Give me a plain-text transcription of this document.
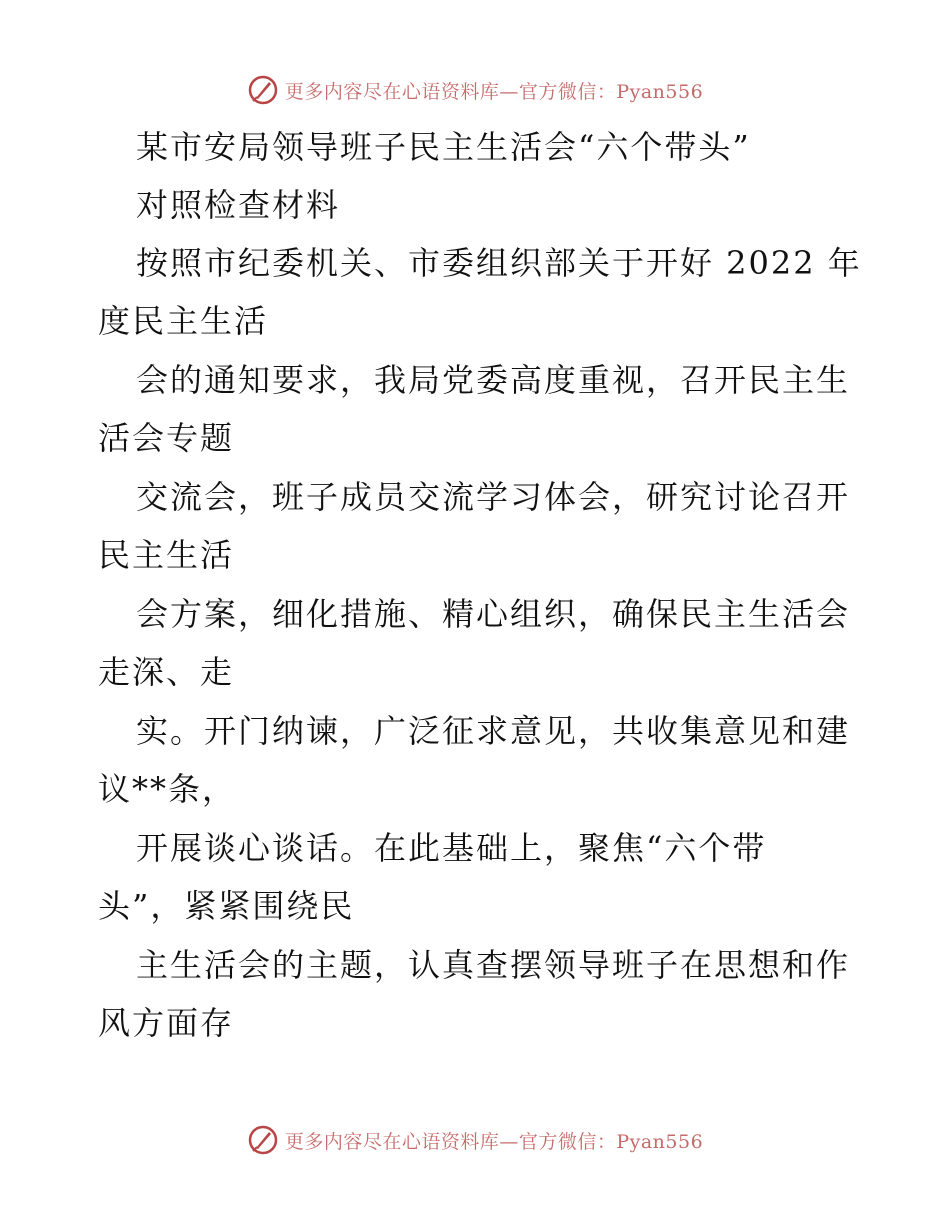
更多内容尽在心语资料库—官方微信：Pyan556
某市安局领导班子民主生活会“六个带头”
对照检查材料
按照市纪委机关、市委组织部关于开好 2022 年
度民主生活
会的通知要求，我局党委高度重视，召开民主生
活会专题
交流会，班子成员交流学习体会，研究讨论召开
民主生活
会方案，细化措施、精心组织，确保民主生活会
走深、走
实。开门纳谏，广泛征求意见，共收集意见和建
议**条，
开展谈心谈话。在此基础上，聚焦“六个带
头”，紧紧围绕民
主生活会的主题，认真查摆领导班子在思想和作
风方面存
更多内容尽在心语资料库—官方微信：Pyan556
